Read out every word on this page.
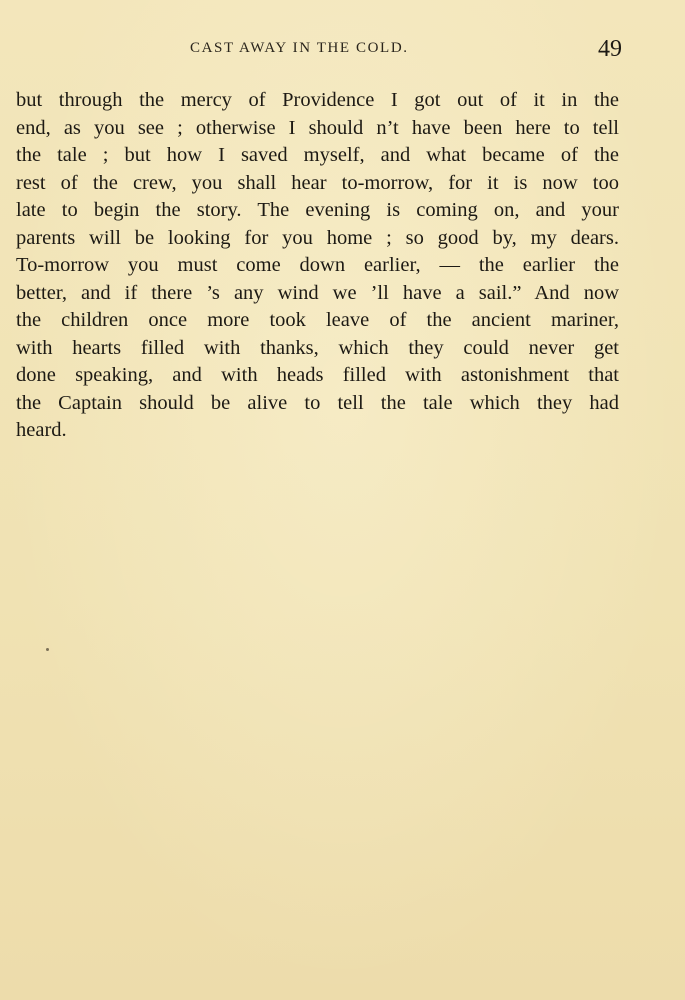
CAST AWAY IN THE COLD.	49
but through the mercy of Providence I got out of it in the
end, as you see ; otherwise I should n’t have been here to tell
the tale ; but how I saved myself, and what became of the
rest of the crew, you shall hear to-morrow, for it is now too
late to begin the story. The evening is coming on, and your
parents will be looking for you home ; so good by, my dears.
To-morrow you must come down earlier, — the earlier the
better, and if there ’s any wind we ’ll have a sail.” And now
the children once more took leave of the ancient mariner,
with hearts filled with thanks, which they could never get
done speaking, and with heads filled with astonishment that
the Captain should be alive to tell the tale which they had
heard.
